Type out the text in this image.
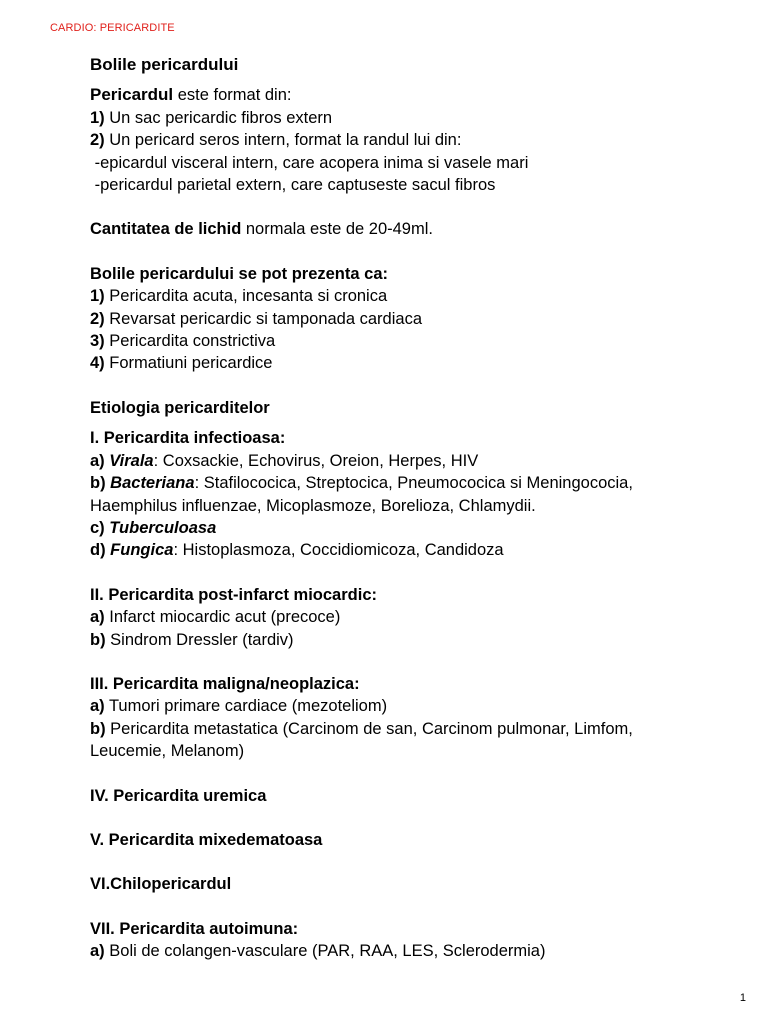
CARDIO: PERICARDITE
Bolile pericardului
Pericardul este format din:
1) Un sac pericardic fibros extern
2) Un pericard seros intern, format la randul lui din:
-epicardul visceral intern, care acopera inima si vasele mari
-pericardul parietal extern, care captuseste sacul fibros
Cantitatea de lichid normala este de 20-49ml.
Bolile pericardului se pot prezenta ca:
1) Pericardita acuta, incesanta si cronica
2) Revarsat pericardic si tamponada cardiaca
3) Pericardita constrictiva
4) Formatiuni pericardice
Etiologia pericarditelor
I. Pericardita infectioasa:
a) Virala: Coxsackie, Echovirus, Oreion, Herpes, HIV
b) Bacteriana: Stafilococica, Streptocica, Pneumococica si Meningococia,
Haemphilus influenzae, Micoplasmoze, Borelioza, Chlamydii.
c) Tuberculoasa
d) Fungica: Histoplasmoza, Coccidiomicoza, Candidoza
II. Pericardita post-infarct miocardic:
a) Infarct miocardic acut (precoce)
b) Sindrom Dressler (tardiv)
III. Pericardita maligna/neoplazica:
a) Tumori primare cardiace (mezoteliom)
b) Pericardita metastatica (Carcinom de san, Carcinom pulmonar, Limfom,
Leucemie, Melanom)
IV. Pericardita uremica
V. Pericardita mixedematoasa
VI.Chilopericardul
VII. Pericardita autoimuna:
a) Boli de colangen-vasculare (PAR, RAA, LES, Sclerodermia)
1
